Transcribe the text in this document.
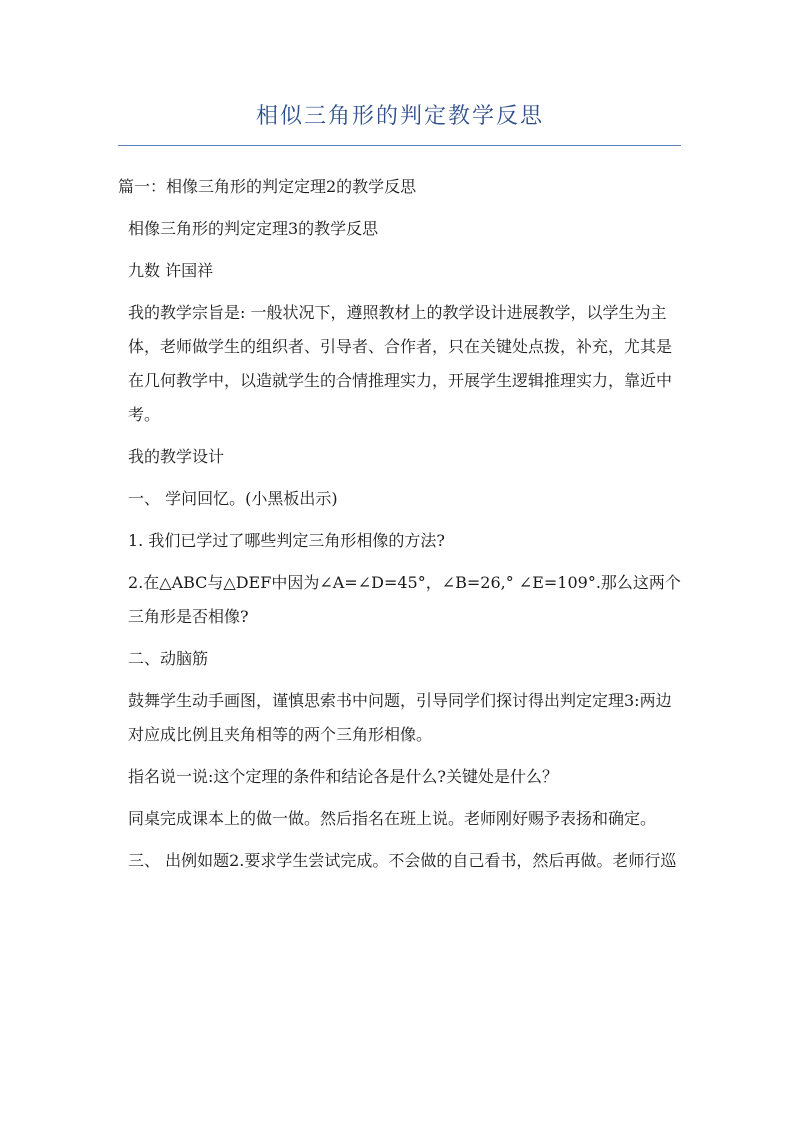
相似三角形的判定教学反思

篇一：相像三角形的判定定理2的教学反思

相像三角形的判定定理3的教学反思

九数 许国祥

我的教学宗旨是: 一般状况下，遵照教材上的教学设计进展教学，以学生为主体，老师做学生的组织者、引导者、合作者，只在关键处点拨，补充，尤其是在几何教学中，以造就学生的合情推理实力，开展学生逻辑推理实力，靠近中考。

我的教学设计

一、 学问回忆。(小黑板出示)

1. 我们已学过了哪些判定三角形相像的方法?

2.在△ABC与△DEF中因为∠A=∠D=45°，∠B=26,° ∠E=109°.那么这两个三角形是否相像?

二、动脑筋

鼓舞学生动手画图，谨慎思索书中问题，引导同学们探讨得出判定定理3:两边对应成比例且夹角相等的两个三角形相像。

指名说一说:这个定理的条件和结论各是什么?关键处是什么？

同桌完成课本上的做一做。然后指名在班上说。老师刚好赐予表扬和确定。

三、 出例如题2.要求学生尝试完成。不会做的自己看书，然后再做。老师行巡
